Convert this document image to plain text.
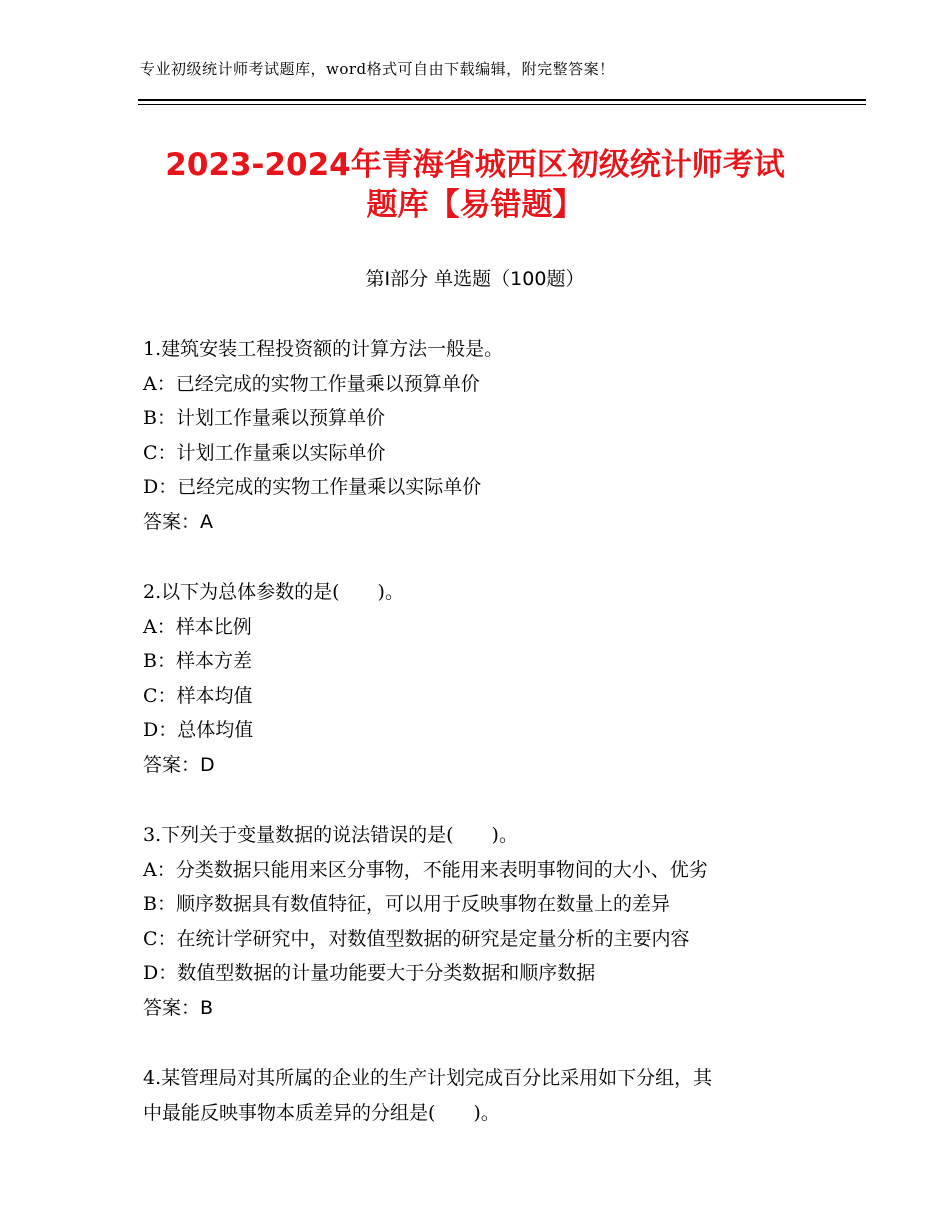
专业初级统计师考试题库，word格式可自由下载编辑，附完整答案！
2023-2024年青海省城西区初级统计师考试
题库【易错题】
第Ⅰ部分 单选题（100题）
1.建筑安装工程投资额的计算方法一般是。
A：已经完成的实物工作量乘以预算单价
B：计划工作量乘以预算单价
C：计划工作量乘以实际单价
D：已经完成的实物工作量乘以实际单价
答案：A
2.以下为总体参数的是(　　)。
A：样本比例
B：样本方差
C：样本均值
D：总体均值
答案：D
3.下列关于变量数据的说法错误的是(　　)。
A：分类数据只能用来区分事物，不能用来表明事物间的大小、优劣
B：顺序数据具有数值特征，可以用于反映事物在数量上的差异
C：在统计学研究中，对数值型数据的研究是定量分析的主要内容
D：数值型数据的计量功能要大于分类数据和顺序数据
答案：B
4.某管理局对其所属的企业的生产计划完成百分比采用如下分组，其
中最能反映事物本质差异的分组是(　　)。
